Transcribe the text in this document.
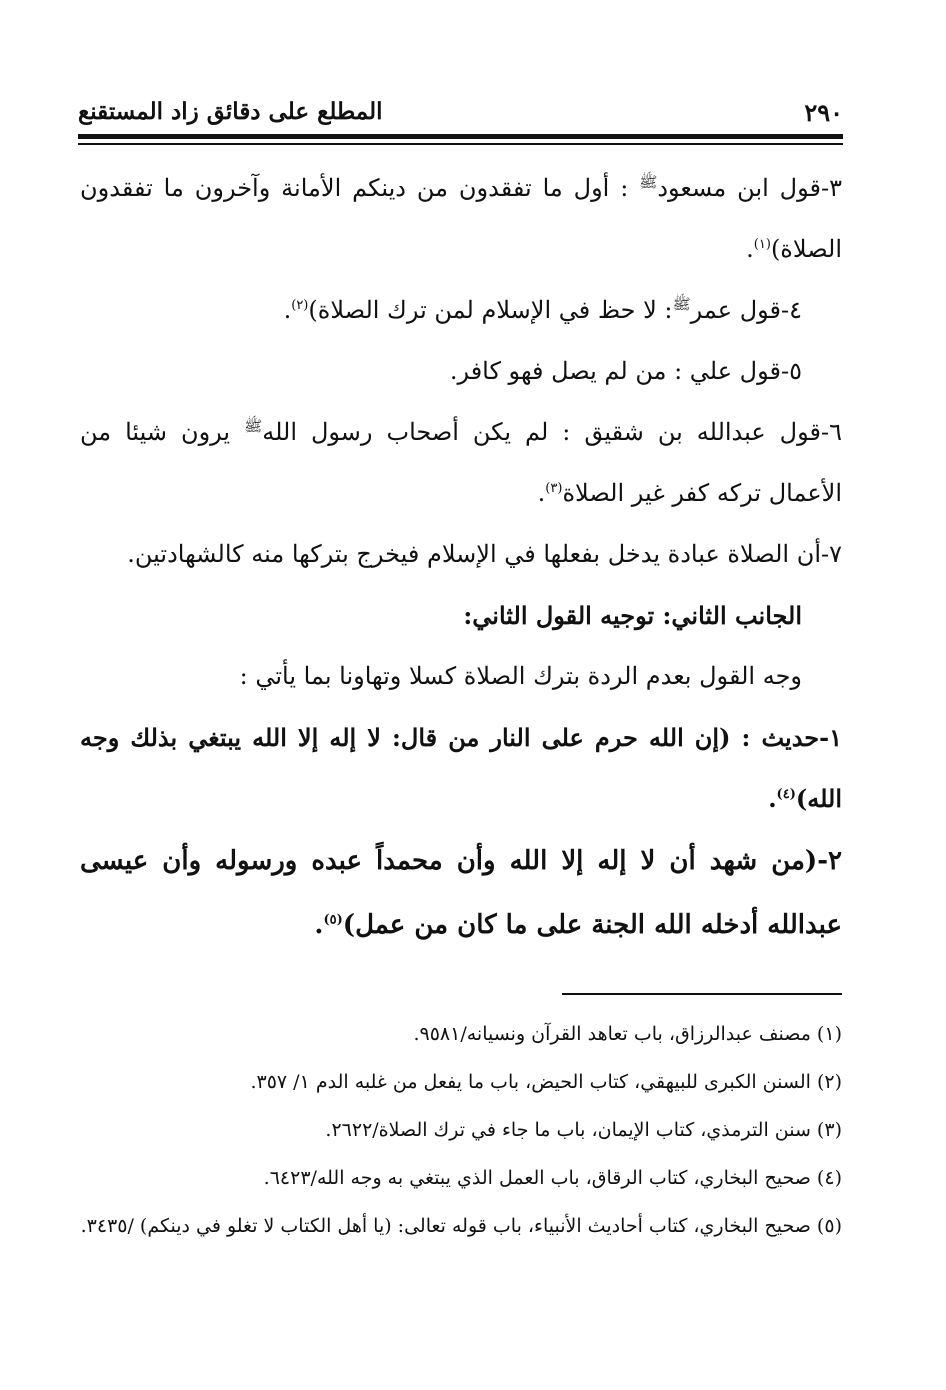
٢٩٠
المطلع على دقائق زاد المستقنع

٣-قول ابن مسعود$^ﷺ$ : أول ما تفقدون من دينكم الأمانة وآخرون ما تفقدون الصلاة)$^{(١)}$.

٤-قول عمر$^ﷺ$: لا حظ في الإسلام لمن ترك الصلاة)$^{(٢)}$.

٥-قول علي : من لم يصل فهو كافر.

٦-قول عبدالله بن شقيق : لم يكن أصحاب رسول الله$^ﷺ$ يرون شيئا من الأعمال تركه كفر غير الصلاة$^{(٣)}$.

٧-أن الصلاة عبادة يدخل بفعلها في الإسلام فيخرج بتركها منه كالشهادتين.

الجانب الثاني: توجيه القول الثاني:

وجه القول بعدم الردة بترك الصلاة كسلا وتهاونا بما يأتي :

١-حديث : (إن الله حرم على النار من قال: لا إله إلا الله يبتغي بذلك وجه الله)$^{(٤)}$.

٢-(من شهد أن لا إله إلا الله وأن محمداً عبده ورسوله وأن عيسى عبدالله أدخله الله الجنة على ما كان من عمل)$^{(٥)}$.

(١) مصنف عبدالرزاق، باب تعاهد القرآن ونسيانه/٩٥٨١.

(٢) السنن الكبرى للبيهقي، كتاب الحيض، باب ما يفعل من غلبه الدم ١/ ٣٥٧.

(٣) سنن الترمذي، كتاب الإيمان، باب ما جاء في ترك الصلاة/٢٦٢٢.

(٤) صحيح البخاري، كتاب الرقاق، باب العمل الذي يبتغي به وجه الله/٦٤٢٣.

(٥) صحيح البخاري، كتاب أحاديث الأنبياء، باب قوله تعالى: (يا أهل الكتاب لا تغلو في دينكم) /٣٤٣٥.
